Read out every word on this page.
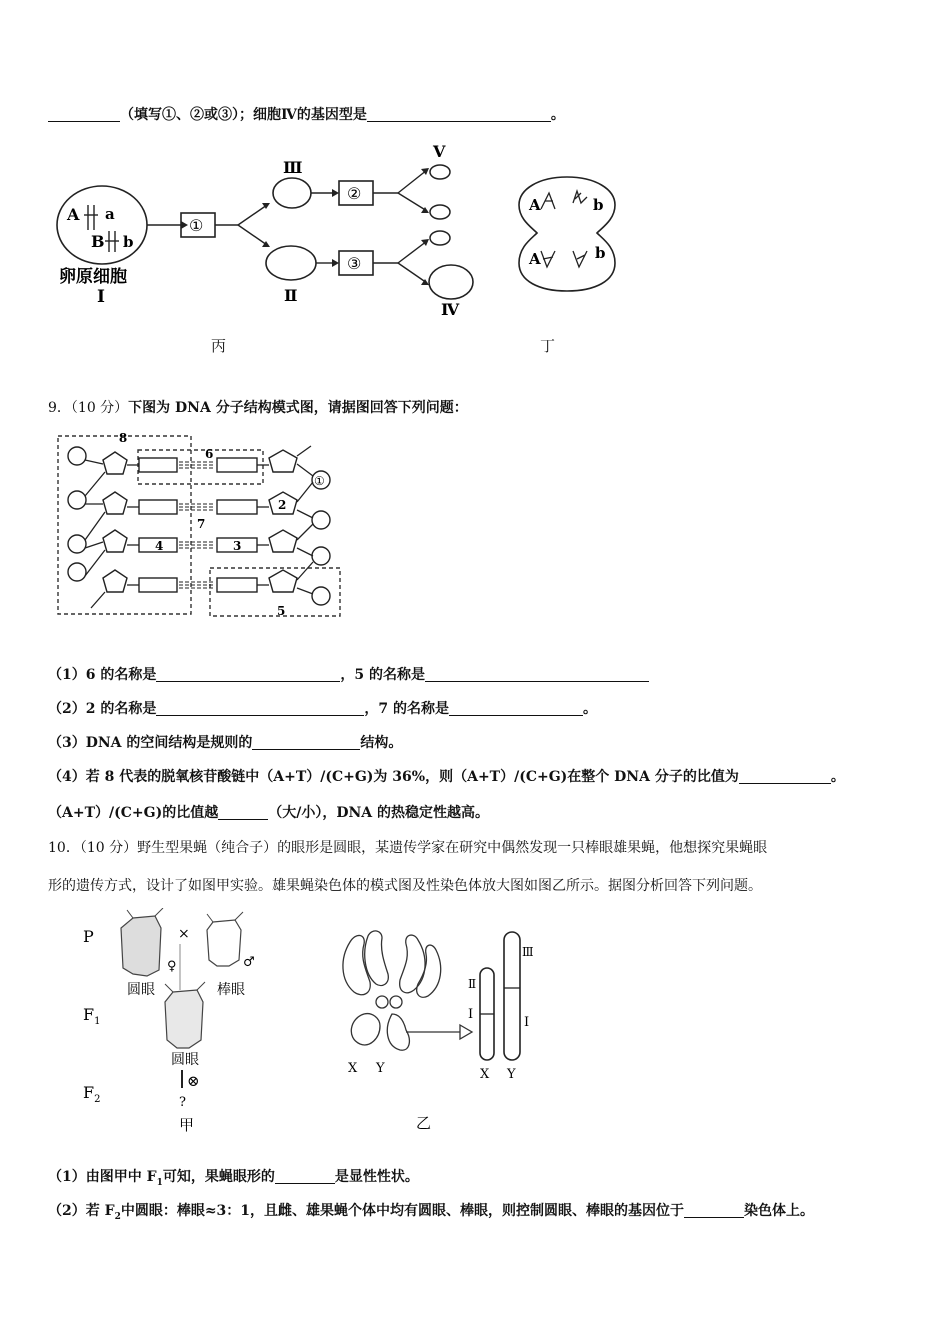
（填写①、②或③）；细胞Ⅳ的基因型是	。
A a
B b
卵原细胞
Ⅰ
①
Ⅲ
Ⅱ
②
③
Ⅴ
Ⅳ
丙
A	b
A	b
丁
9．（10 分）下图为 DNA 分子结构模式图，请据图回答下列问题：
8
6
5
4
7
3
2
①
（1）6 的名称是	，5 的名称是
（2）2 的名称是	，7 的名称是	。
（3）DNA 的空间结构是规则的	结构。
（4）若 8 代表的脱氧核苷酸链中（A+T）/(C+G)为 36%，则（A+T）/(C+G)在整个 DNA 分子的比值为	。
（A+T）/(C+G)的比值越	（大/小），DNA 的热稳定性越高。
10．（10 分）野生型果蝇（纯合子）的眼形是圆眼，某遗传学家在研究中偶然发现一只棒眼雄果蝇，他想探究果蝇眼
形的遗传方式，设计了如图甲实验。雄果蝇染色体的模式图及性染色体放大图如图乙所示。据图分析回答下列问题。
P
$F_1$
$F_2$
×
♀	♂
圆眼	棒眼
圆眼
⊗
?
甲
X Y
Ⅱ
Ⅰ
Ⅲ
Ⅰ
X Y
乙
（1）由图甲中 $F_1$可知，果蝇眼形的	是显性性状。
（2）若 $F_2$中圆眼：棒眼≈3：1，且雌、雄果蝇个体中均有圆眼、棒眼，则控制圆眼、棒眼的基因位于	染色体上。
